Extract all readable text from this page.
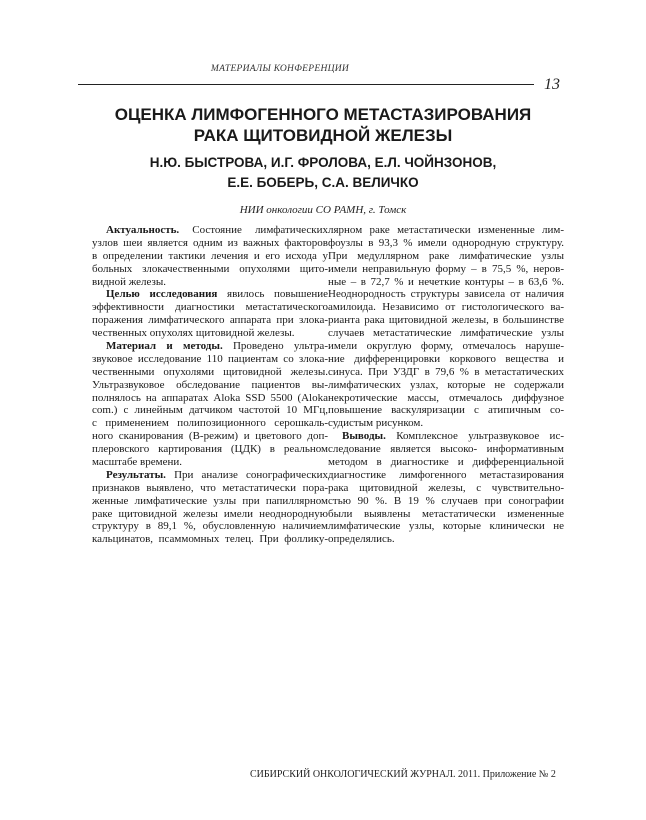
МАТЕРИАЛЫ КОНФЕРЕНЦИИ
13
ОЦЕНКА ЛИМФОГЕННОГО МЕТАСТАЗИРОВАНИЯ
РАКА ЩИТОВИДНОЙ ЖЕЛЕЗЫ
Н.Ю. БЫСТРОВА, И.Г. ФРОЛОВА, Е.Л. ЧОЙНЗОНОВ,
Е.Е. БОБЕРЬ, С.А. ВЕЛИЧКО
НИИ онкологии СО РАМН, г. Томск
Актуальность. Состояние лимфатических
узлов шеи является одним из важных факторов
в определении тактики лечения и его исхода у
больных злокачественными опухолями щито-
видной железы.
Целью исследования явилось повышение
эффективности диагностики метастатического
поражения лимфатического аппарата при злока-
чественных опухолях щитовидной железы.
Материал и методы. Проведено ультра-
звуковое исследование 110 пациентам со злока-
чественными опухолями щитовидной железы.
Ультразвуковое обследование пациентов вы-
полнялось на аппаратах Aloka SSD 5500 (Aloka
com.) с линейным датчиком частотой 10 МГц,
с применением полипозиционного серошкаль-
ного сканирования (В-режим) и цветового доп-
плеровского картирования (ЦДК) в реальном
масштабе времени.
Результаты. При анализе сонографических
признаков выявлено, что метастатически пора-
женные лимфатические узлы при папиллярном
раке щитовидной железы имели неоднородную
структуру в 89,1 %, обусловленную наличием
кальцинатов, псаммомных телец. При фоллику-
лярном раке метастатически измененные лим-
фоузлы в 93,3 % имели однородную структуру.
При медуллярном раке лимфатические узлы
имели неправильную форму – в 75,5 %, неров-
ные – в 72,7 % и нечеткие контуры – в 63,6 %.
Неоднородность структуры зависела от наличия
амилоида. Независимо от гистологического ва-
рианта рака щитовидной железы, в большинстве
случаев метастатические лимфатические узлы
имели округлую форму, отмечалось наруше-
ние дифференцировки коркового вещества и
синуса. При УЗДГ в 79,6 % в метастатических
лимфатических узлах, которые не содержали
некротические массы, отмечалось диффузное
повышение васкуляризации с атипичным со-
судистым рисунком.
Выводы. Комплексное ультразвуковое ис-
следование является высоко- информативным
методом в диагностике и дифференциальной
диагностике лимфогенного метастазирования
рака щитовидной железы, с чувствительно-
стью 90 %. В 19 % случаев при сонографии
были выявлены метастатически измененные
лимфатические узлы, которые клинически не
определялись.
СИБИРСКИЙ ОНКОЛОГИЧЕСКИЙ ЖУРНАЛ. 2011. Приложение № 2
